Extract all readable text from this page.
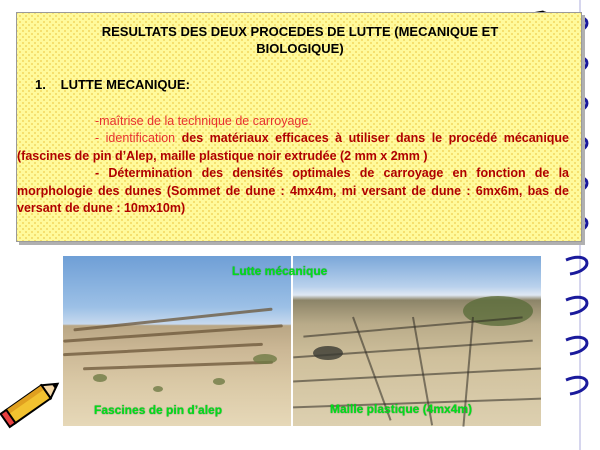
RESULTATS DES DEUX PROCEDES DE LUTTE (MECANIQUE ET BIOLOGIQUE)
1. LUTTE MECANIQUE:

-maîtrise de la technique de carroyage.

- identification des matériaux efficaces à utiliser dans le procédé mécanique (fascines de pin d’Alep, maille plastique noir extrudée (2 mm x 2mm )

- Détermination des densités optimales de carroyage en fonction de la morphologie des dunes (Sommet de dune : 4mx4m, mi versant de dune : 6mx6m, bas de versant de dune : 10mx10m)

Lutte mécanique
Fascines de pin d’alep	Maille plastique (4mx4m)
